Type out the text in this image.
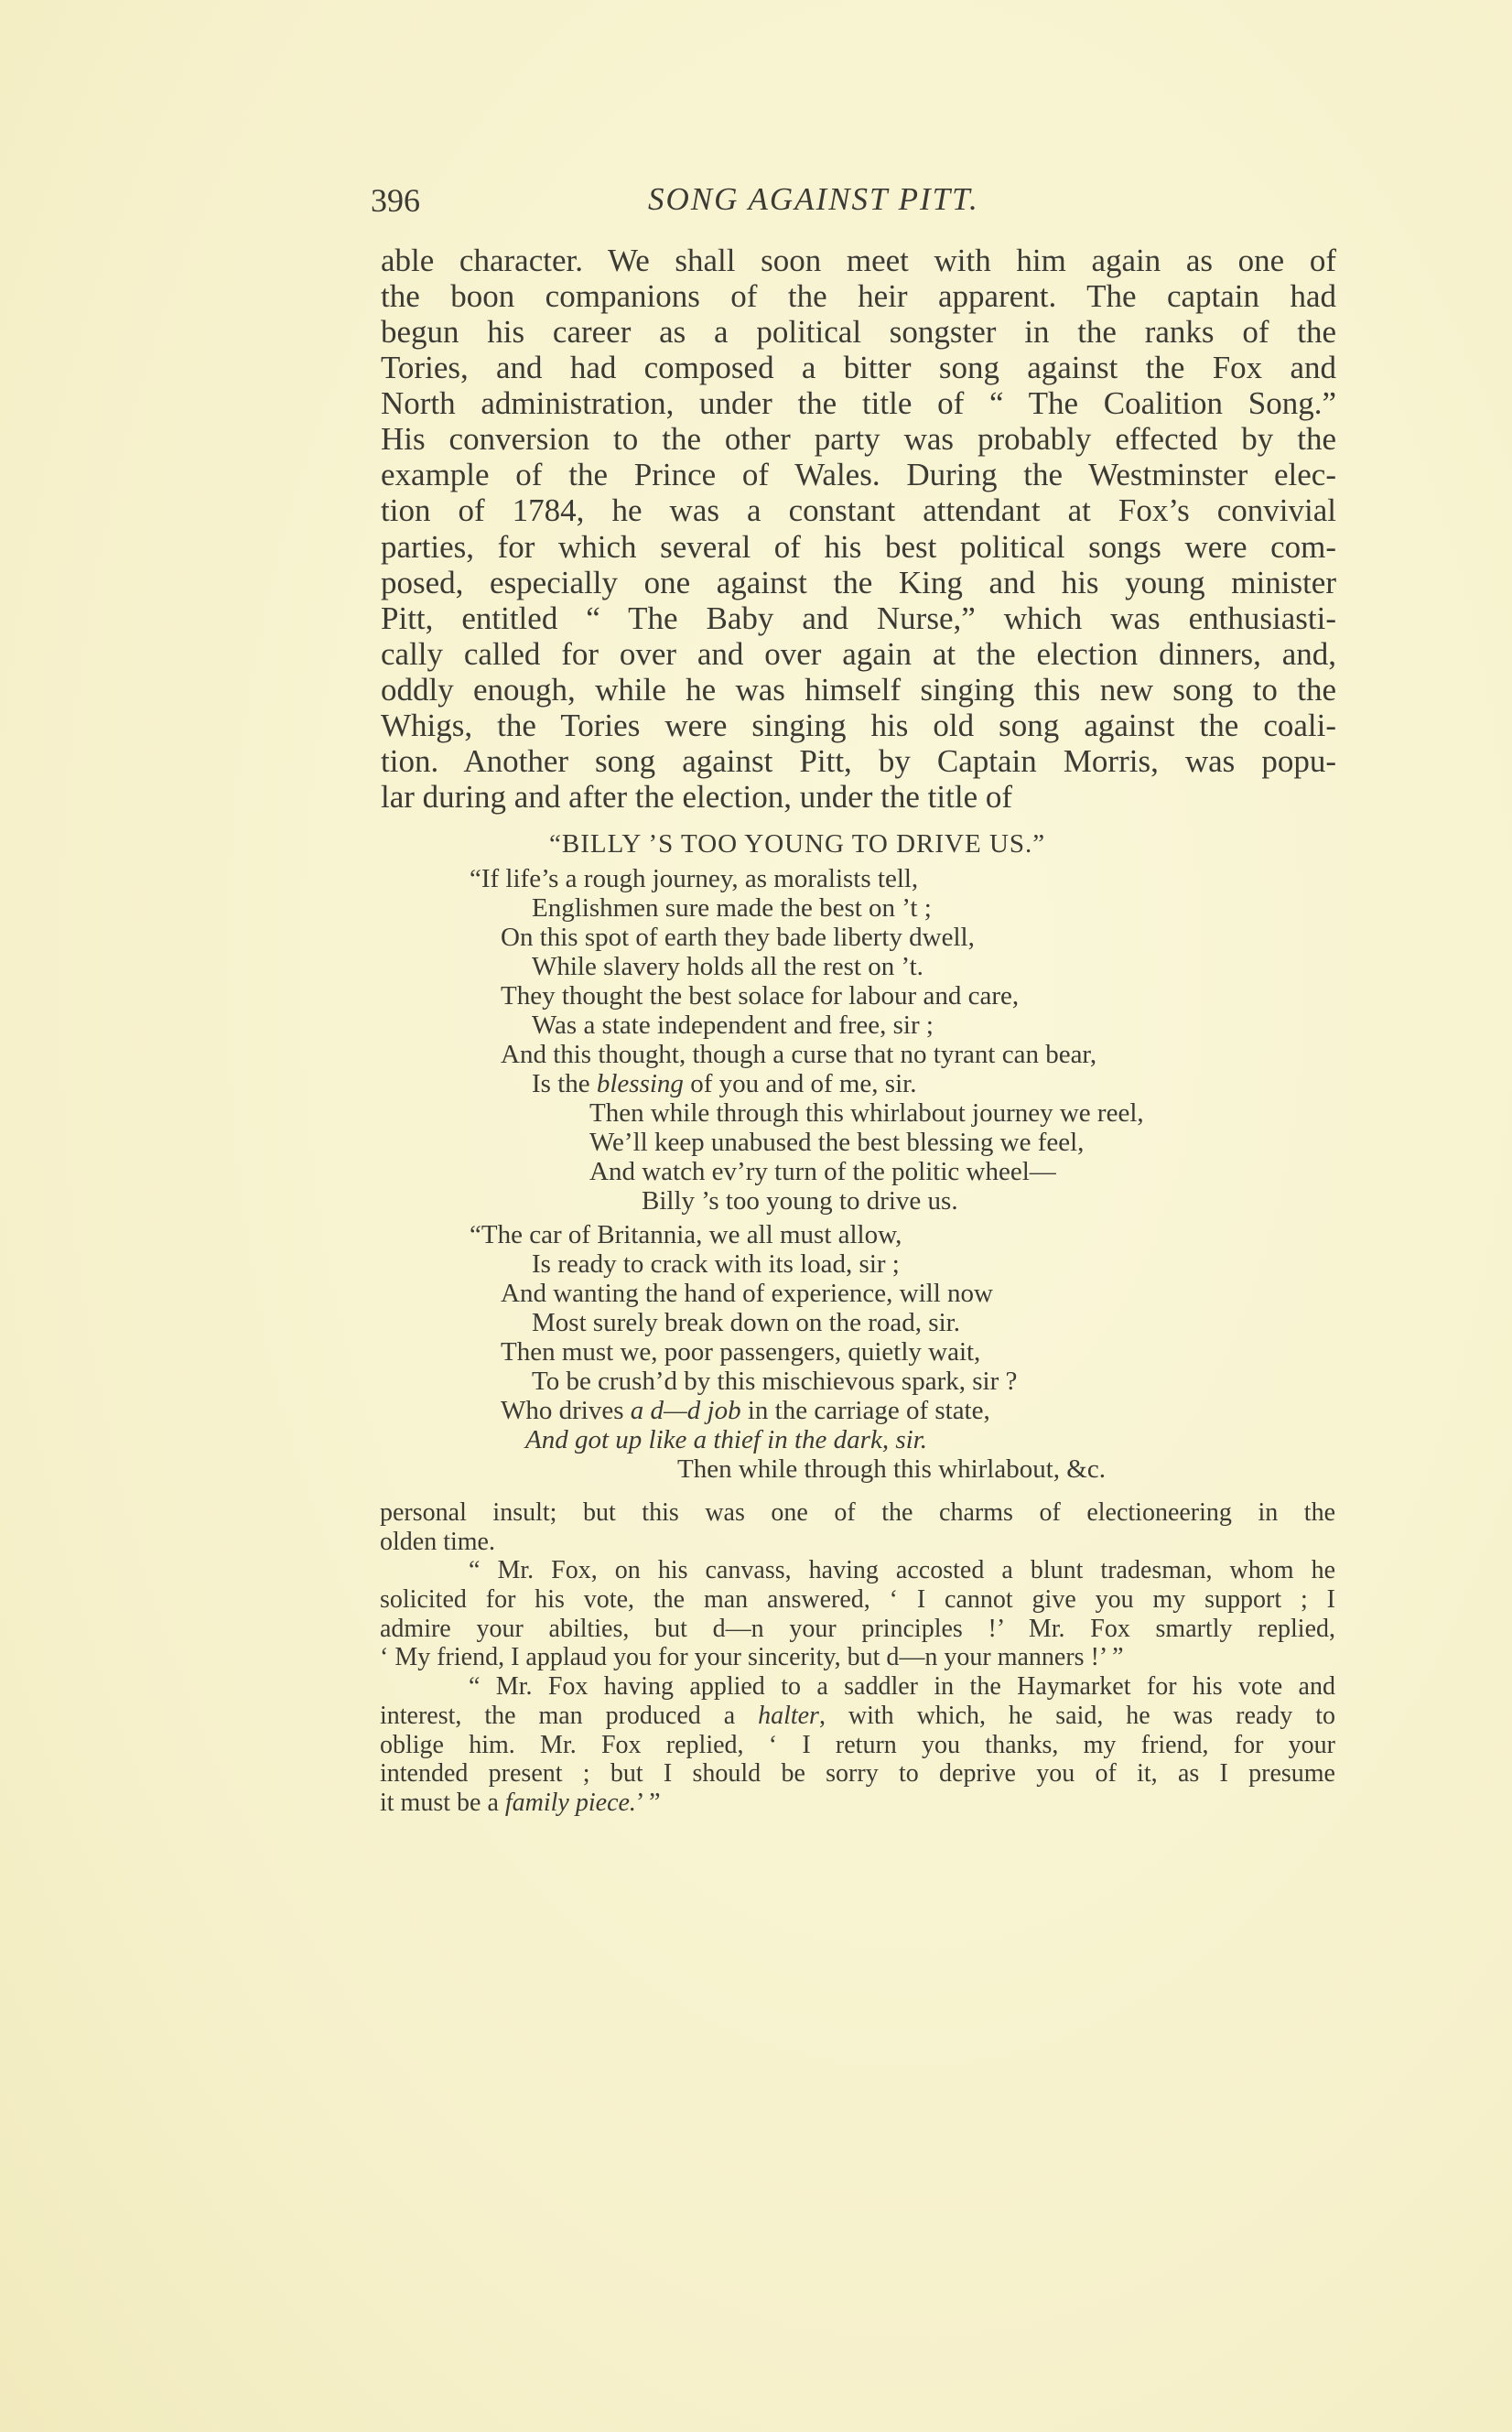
396	SONG AGAINST PITT.
able character. We shall soon meet with him again as one of
the boon companions of the heir apparent. The captain had
begun his career as a political songster in the ranks of the
Tories, and had composed a bitter song against the Fox and
North administration, under the title of “ The Coalition Song.”
His conversion to the other party was probably effected by the
example of the Prince of Wales. During the Westminster elec-
tion of 1784, he was a constant attendant at Fox’s convivial
parties, for which several of his best political songs were com-
posed, especially one against the King and his young minister
Pitt, entitled “ The Baby and Nurse,” which was enthusiasti-
cally called for over and over again at the election dinners, and,
oddly enough, while he was himself singing this new song to the
Whigs, the Tories were singing his old song against the coali-
tion. Another song against Pitt, by Captain Morris, was popu-
lar during and after the election, under the title of
“BILLY ’S TOO YOUNG TO DRIVE US.”
“If life’s a rough journey, as moralists tell,
Englishmen sure made the best on ’t ;
On this spot of earth they bade liberty dwell,
While slavery holds all the rest on ’t.
They thought the best solace for labour and care,
Was a state independent and free, sir ;
And this thought, though a curse that no tyrant can bear,
Is the blessing of you and of me, sir.
Then while through this whirlabout journey we reel,
We’ll keep unabused the best blessing we feel,
And watch ev’ry turn of the politic wheel—
Billy ’s too young to drive us.
“The car of Britannia, we all must allow,
Is ready to crack with its load, sir ;
And wanting the hand of experience, will now
Most surely break down on the road, sir.
Then must we, poor passengers, quietly wait,
To be crush’d by this mischievous spark, sir ?
Who drives a d—d job in the carriage of state,
And got up like a thief in the dark, sir.
Then while through this whirlabout, &c.
personal insult; but this was one of the charms of electioneering in the
olden time.
“ Mr. Fox, on his canvass, having accosted a blunt tradesman, whom he
solicited for his vote, the man answered, ‘ I cannot give you my support ; I
admire your abilties, but d—n your principles !’ Mr. Fox smartly replied,
‘ My friend, I applaud you for your sincerity, but d—n your manners !’ ”
“ Mr. Fox having applied to a saddler in the Haymarket for his vote and
interest, the man produced a halter, with which, he said, he was ready to
oblige him. Mr. Fox replied, ‘ I return you thanks, my friend, for your
intended present ; but I should be sorry to deprive you of it, as I presume
it must be a family piece.’ ”
